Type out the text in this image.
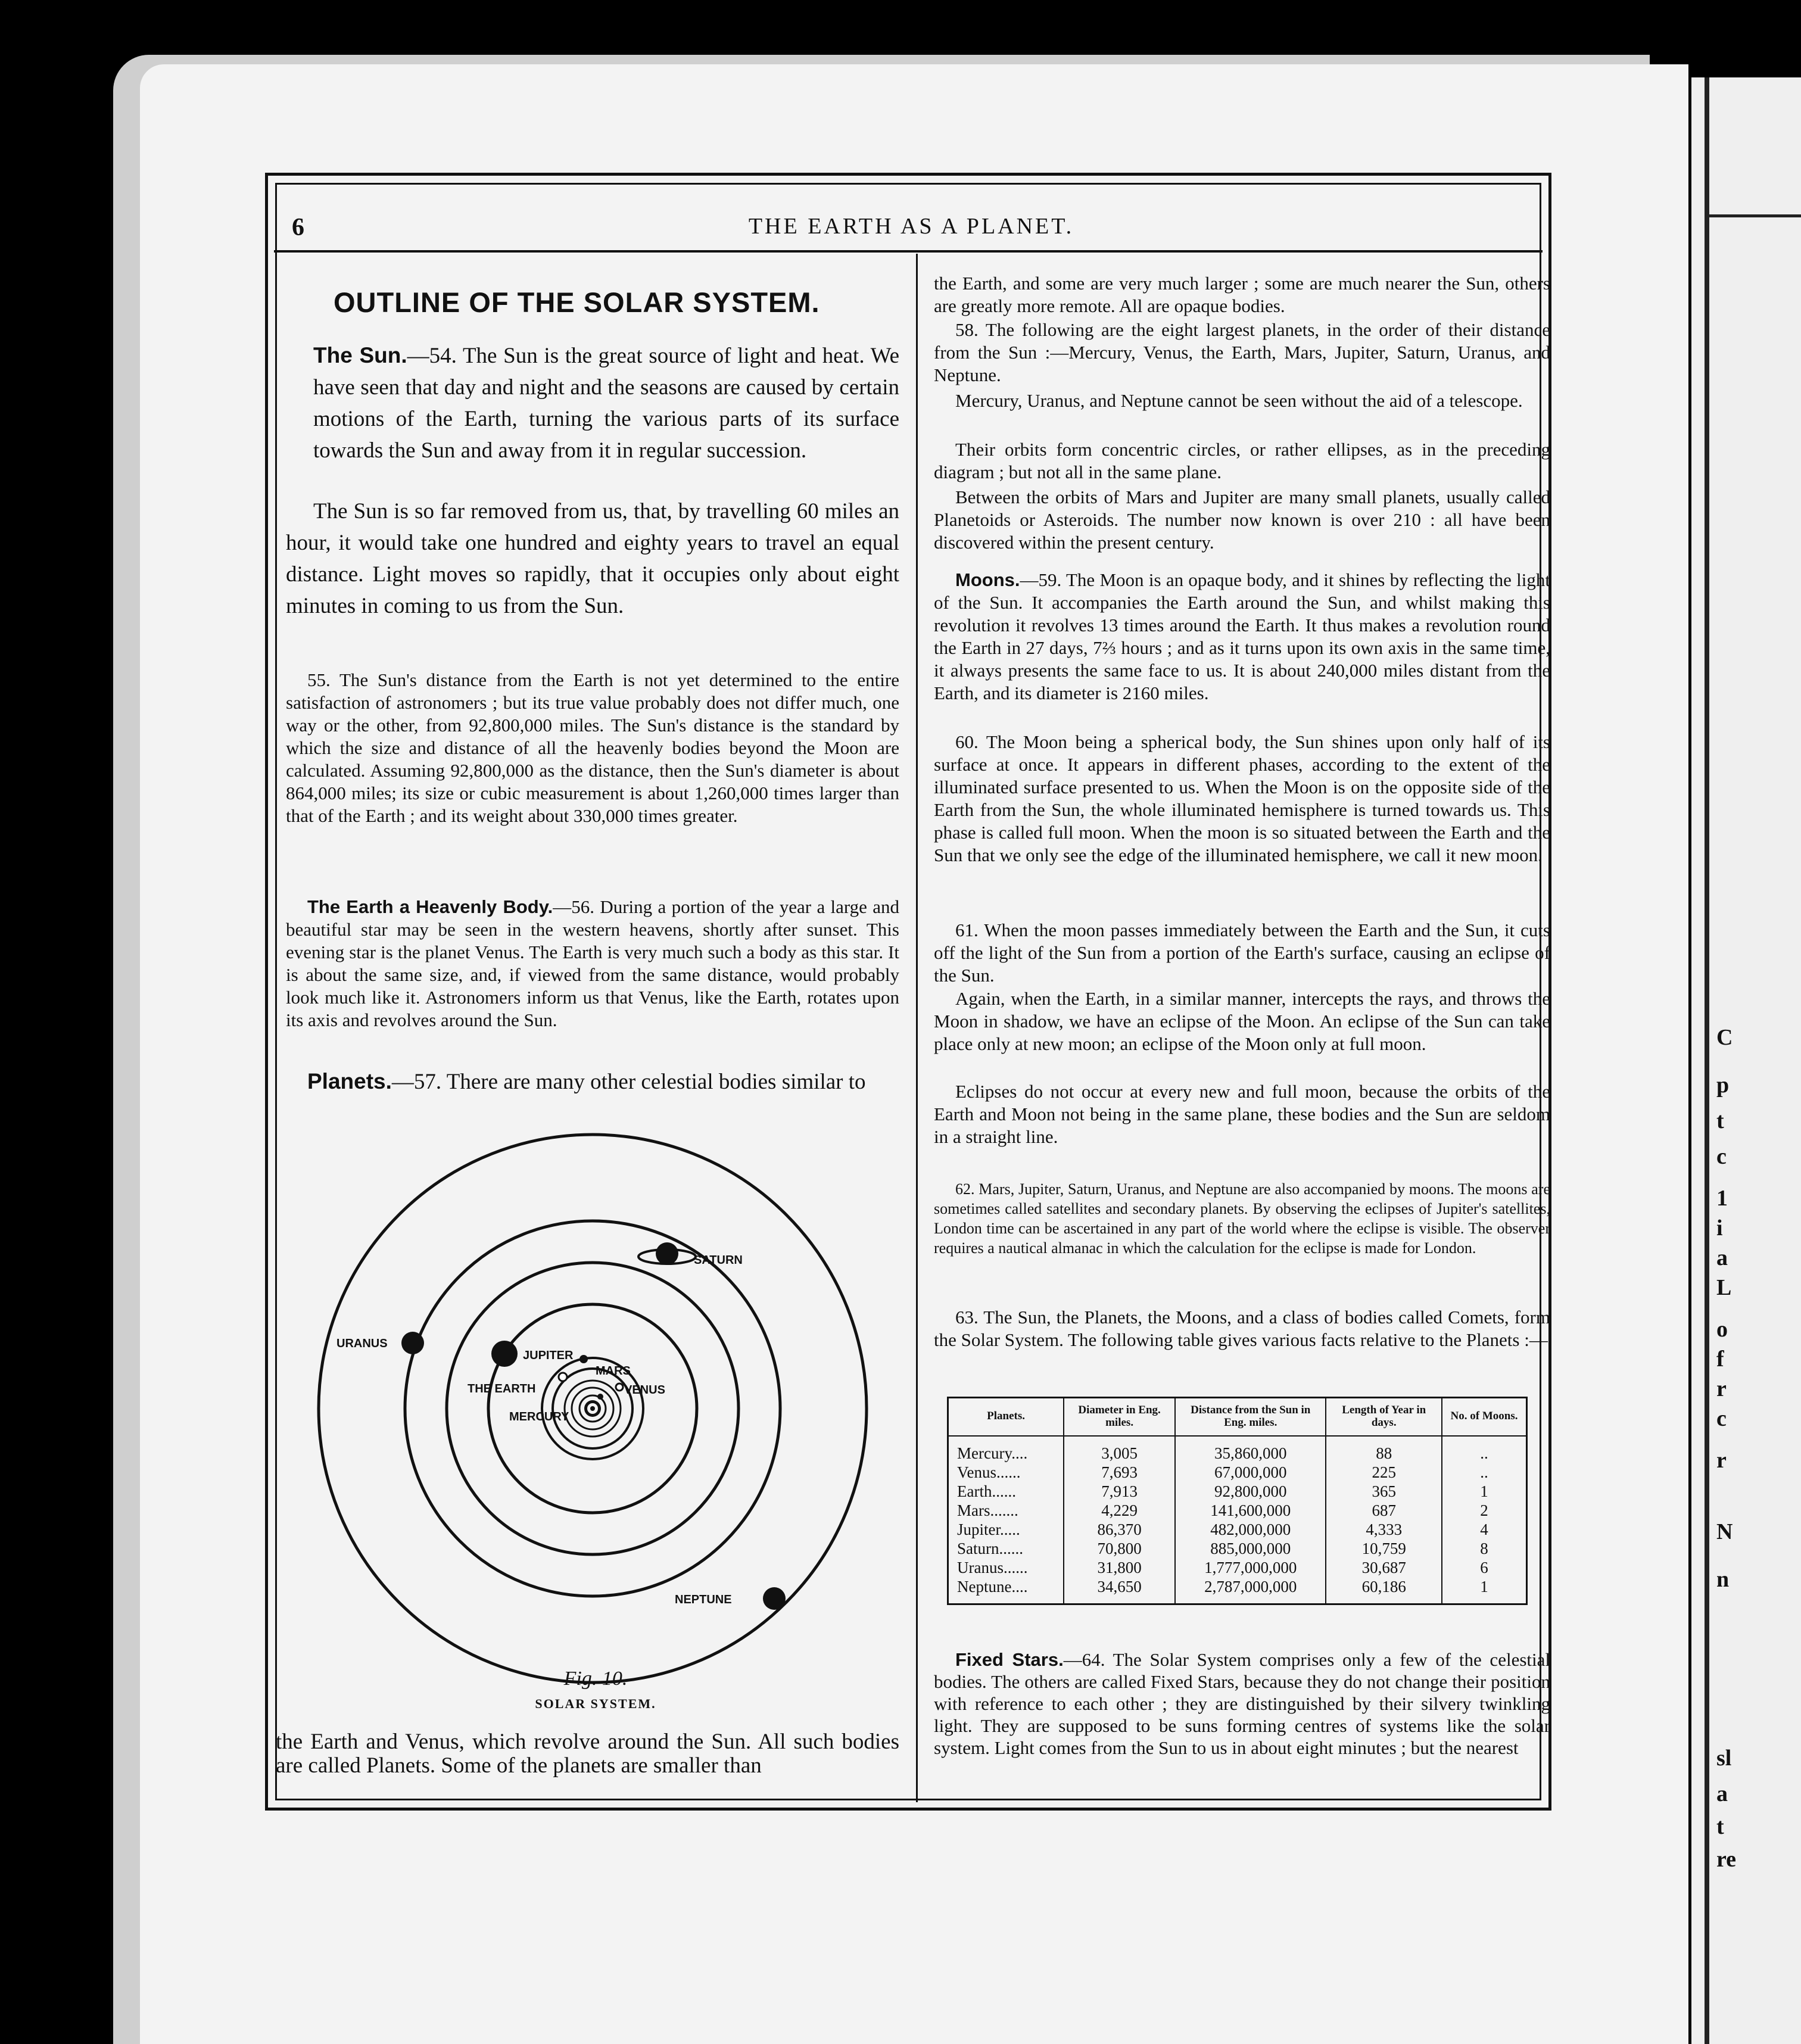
C
p
t
c
1
i
a
L
o
f
r
c
r
N
n
sl
a
t
re
6	THE EARTH AS A PLANET.
OUTLINE OF THE SOLAR SYSTEM.

The Sun.—54. The Sun is the great source of light and heat. We have seen that day and night and the seasons are caused by certain motions of the Earth, turning the various parts of its surface towards the Sun and away from it in regular succession.

The Sun is so far removed from us, that, by travelling 60 miles an hour, it would take one hundred and eighty years to travel an equal distance. Light moves so rapidly, that it occupies only about eight minutes in coming to us from the Sun.

55. The Sun's distance from the Earth is not yet determined to the entire satisfaction of astronomers ; but its true value probably does not differ much, one way or the other, from 92,800,000 miles. The Sun's distance is the standard by which the size and distance of all the heavenly bodies beyond the Moon are calculated. Assuming 92,800,000 as the distance, then the Sun's diameter is about 864,000 miles; its size or cubic measurement is about 1,260,000 times larger than that of the Earth ; and its weight about 330,000 times greater.

The Earth a Heavenly Body.—56. During a portion of the year a large and beautiful star may be seen in the western heavens, shortly after sunset. This evening star is the planet Venus. The Earth is very much such a body as this star. It is about the same size, and, if viewed from the same distance, would probably look much like it. Astronomers inform us that Venus, like the Earth, rotates upon its axis and revolves around the Sun.

Planets.—57. There are many other celestial bodies similar to

SATURN
URANUS
JUPITER
MARS
THE EARTH	VENUS
MERCURY
NEPTUNE
Fig. 10.
SOLAR SYSTEM.

the Earth and Venus, which revolve around the Sun. All such bodies are called Planets. Some of the planets are smaller than

the Earth, and some are very much larger ; some are much nearer the Sun, others are greatly more remote. All are opaque bodies.

58. The following are the eight largest planets, in the order of their distance from the Sun :—Mercury, Venus, the Earth, Mars, Jupiter, Saturn, Uranus, and Neptune.

Mercury, Uranus, and Neptune cannot be seen without the aid of a telescope.

Their orbits form concentric circles, or rather ellipses, as in the preceding diagram ; but not all in the same plane.

Between the orbits of Mars and Jupiter are many small planets, usually called Planetoids or Asteroids. The number now known is over 210 : all have been discovered within the present century.

Moons.—59. The Moon is an opaque body, and it shines by reflecting the light of the Sun. It accompanies the Earth around the Sun, and whilst making this revolution it revolves 13 times around the Earth. It thus makes a revolution round the Earth in 27 days, 7⅔ hours ; and as it turns upon its own axis in the same time, it always presents the same face to us. It is about 240,000 miles distant from the Earth, and its diameter is 2160 miles.

60. The Moon being a spherical body, the Sun shines upon only half of its surface at once. It appears in different phases, according to the extent of the illuminated surface presented to us. When the Moon is on the opposite side of the Earth from the Sun, the whole illuminated hemisphere is turned towards us. This phase is called full moon. When the moon is so situated between the Earth and the Sun that we only see the edge of the illuminated hemisphere, we call it new moon.

61. When the moon passes immediately between the Earth and the Sun, it cuts off the light of the Sun from a portion of the Earth's surface, causing an eclipse of the Sun.

Again, when the Earth, in a similar manner, intercepts the rays, and throws the Moon in shadow, we have an eclipse of the Moon. An eclipse of the Sun can take place only at new moon; an eclipse of the Moon only at full moon.

Eclipses do not occur at every new and full moon, because the orbits of the Earth and Moon not being in the same plane, these bodies and the Sun are seldom in a straight line.

62. Mars, Jupiter, Saturn, Uranus, and Neptune are also accompanied by moons. The moons are sometimes called satellites and secondary planets. By observing the eclipses of Jupiter's satellites, London time can be ascertained in any part of the world where the eclipse is visible. The observer requires a nautical almanac in which the calculation for the eclipse is made for London.

63. The Sun, the Planets, the Moons, and a class of bodies called Comets, form the Solar System. The following table gives various facts relative to the Planets :—

Planets.	Diameter in Eng. miles.	Distance from the Sun in Eng. miles.	Length of Year in days.	No. of Moons.
Mercury....	3,005	35,860,000	88	..
Venus......	7,693	67,000,000	225	..
Earth......	7,913	92,800,000	365	1
Mars.......	4,229	141,600,000	687	2
Jupiter.....	86,370	482,000,000	4,333	4
Saturn......	70,800	885,000,000	10,759	8
Uranus......	31,800	1,777,000,000	30,687	6
Neptune....	34,650	2,787,000,000	60,186	1

Fixed Stars.—64. The Solar System comprises only a few of the celestial bodies. The others are called Fixed Stars, because they do not change their position with reference to each other ; they are distinguished by their silvery twinkling light. They are supposed to be suns forming centres of systems like the solar system. Light comes from the Sun to us in about eight minutes ; but the nearest
